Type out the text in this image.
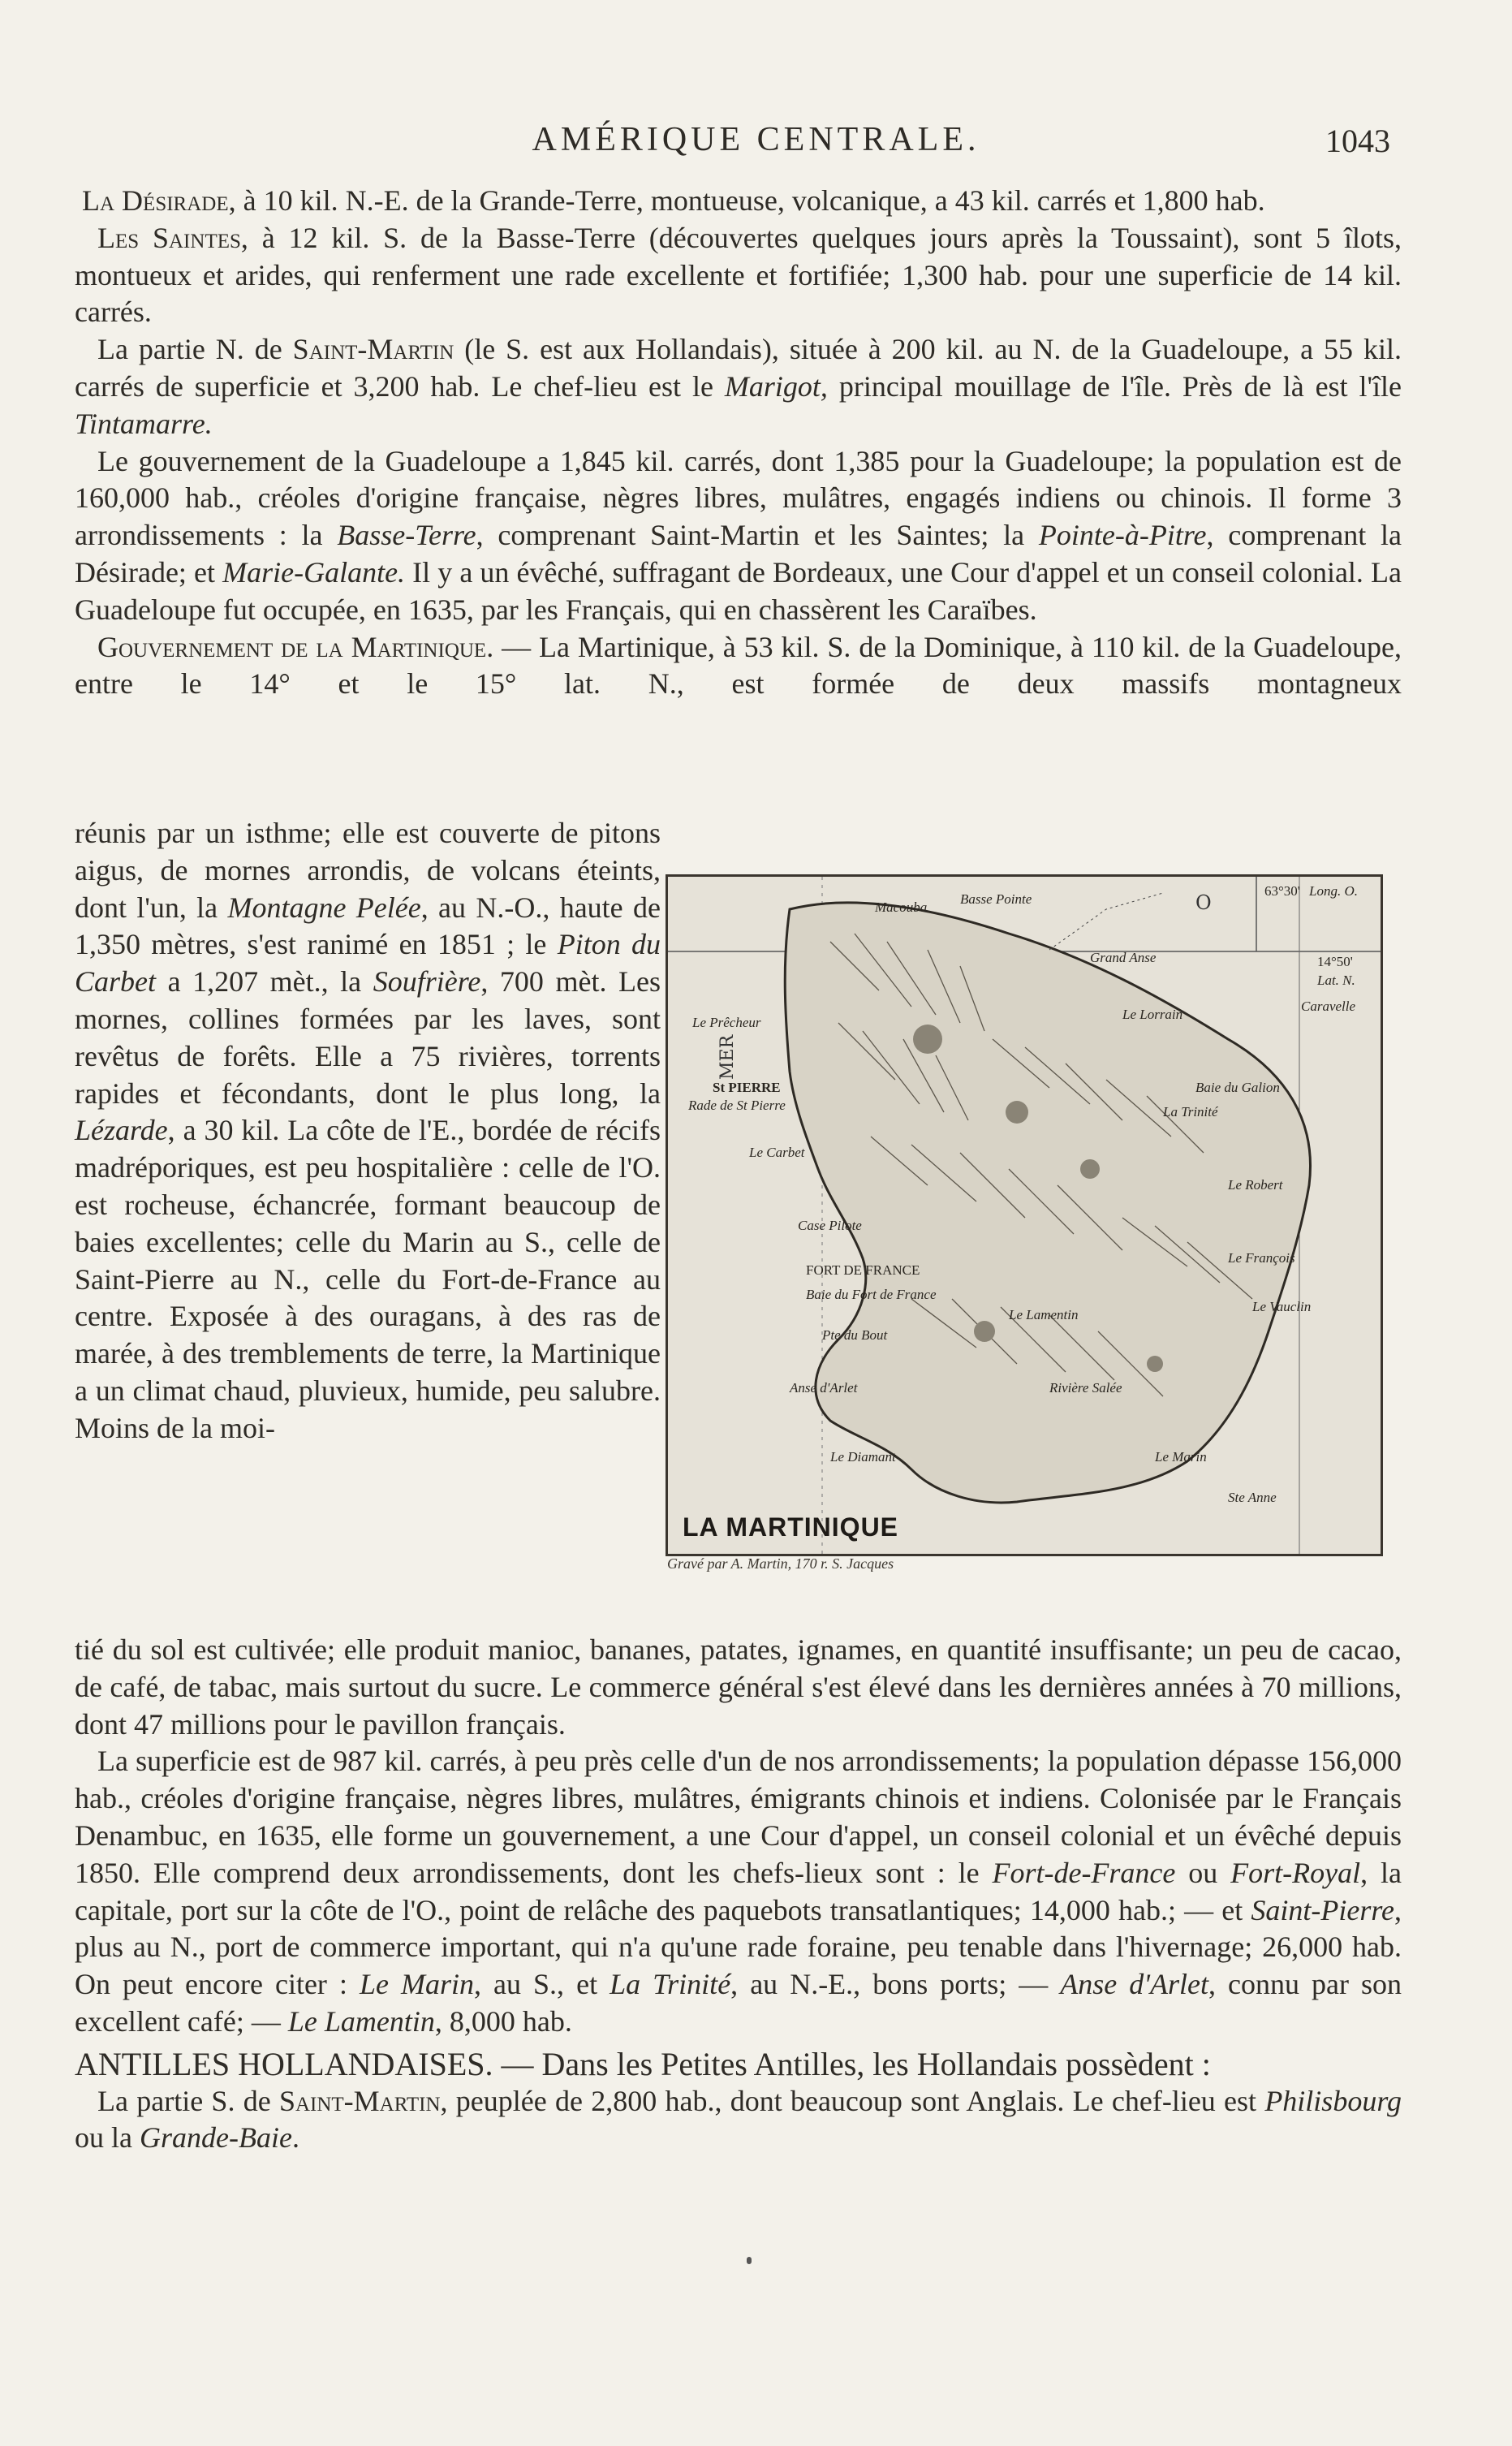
AMÉRIQUE CENTRALE.	1043

La Désirade, à 10 kil. N.-E. de la Grande-Terre, montueuse, volcanique, a 43 kil. carrés et 1,800 hab.

Les Saintes, à 12 kil. S. de la Basse-Terre (découvertes quelques jours après la Toussaint), sont 5 îlots, montueux et arides, qui renferment une rade excellente et fortifiée; 1,300 hab. pour une superficie de 14 kil. carrés.

La partie N. de Saint-Martin (le S. est aux Hollandais), située à 200 kil. au N. de la Guadeloupe, a 55 kil. carrés de superficie et 3,200 hab. Le chef-lieu est le Marigot, principal mouillage de l'île. Près de là est l'île Tintamarre.

Le gouvernement de la Guadeloupe a 1,845 kil. carrés, dont 1,385 pour la Guadeloupe; la population est de 160,000 hab., créoles d'origine française, nègres libres, mulâtres, engagés indiens ou chinois. Il forme 3 arrondissements : la Basse-Terre, comprenant Saint-Martin et les Saintes; la Pointe-à-Pitre, comprenant la Désirade; et Marie-Galante. Il y a un évêché, suffragant de Bordeaux, une Cour d'appel et un conseil colonial. La Guadeloupe fut occupée, en 1635, par les Français, qui en chassèrent les Caraïbes.

Gouvernement de la Martinique. — La Martinique, à 53 kil. S. de la Dominique, à 110 kil. de la Guadeloupe, entre le 14° et le 15° lat. N., est formée de deux massifs montagneux

réunis par un isthme; elle est couverte de pitons aigus, de mornes arrondis, de volcans éteints, dont l'un, la Montagne Pelée, au N.-O., haute de 1,350 mètres, s'est ranimé en 1851 ; le Piton du Carbet a 1,207 mèt., la Soufrière, 700 mèt. Les mornes, collines formées par les laves, sont revêtus de forêts. Elle a 75 rivières, torrents rapides et fécondants, dont le plus long, la Lézarde, a 30 kil. La côte de l'E., bordée de récifs madréporiques, est peu hospitalière : celle de l'O. est rocheuse, échancrée, formant beaucoup de baies excellentes; celle du Marin au S., celle de Saint-Pierre au N., celle du Fort-de-France au centre. Exposée à des ouragans, à des ras de marée, à des tremblements de terre, la Martinique a un climat chaud, pluvieux, humide, peu salubre. Moins de la moi-

O
MER
Macouba
Basse Pointe
Le Prêcheur
St PIERRE
Rade de St Pierre
Le Carbet
Case Pilote
FORT DE FRANCE
Baie du Fort de France
Pte du Bout
Anse d'Arlet
Le Diamant	Le Marin
Ste Anne
Le Vauclin
Le François
Le Robert
La Trinité
Le Lorrain
Grand Anse
Caravelle
Baie du Galion
Le Lamentin
Rivière Salée
Long. O.
Lat. N.
63°30'
14°50'
LA MARTINIQUE
Gravé par A. Martin, 170 r. S. Jacques

tié du sol est cultivée; elle produit manioc, bananes, patates, ignames, en quantité insuffisante; un peu de cacao, de café, de tabac, mais surtout du sucre. Le commerce général s'est élevé dans les dernières années à 70 millions, dont 47 millions pour le pavillon français.

La superficie est de 987 kil. carrés, à peu près celle d'un de nos arrondissements; la population dépasse 156,000 hab., créoles d'origine française, nègres libres, mulâtres, émigrants chinois et indiens. Colonisée par le Français Denambuc, en 1635, elle forme un gouvernement, a une Cour d'appel, un conseil colonial et un évêché depuis 1850. Elle comprend deux arrondissements, dont les chefs-lieux sont : le Fort-de-France ou Fort-Royal, la capitale, port sur la côte de l'O., point de relâche des paquebots transatlantiques; 14,000 hab.; — et Saint-Pierre, plus au N., port de commerce important, qui n'a qu'une rade foraine, peu tenable dans l'hivernage; 26,000 hab. On peut encore citer : Le Marin, au S., et La Trinité, au N.-E., bons ports; — Anse d'Arlet, connu par son excellent café; — Le Lamentin, 8,000 hab.

ANTILLES HOLLANDAISES. — Dans les Petites Antilles, les Hollandais possèdent :

La partie S. de Saint-Martin, peuplée de 2,800 hab., dont beaucoup sont Anglais. Le chef-lieu est Philisbourg ou la Grande-Baie.
